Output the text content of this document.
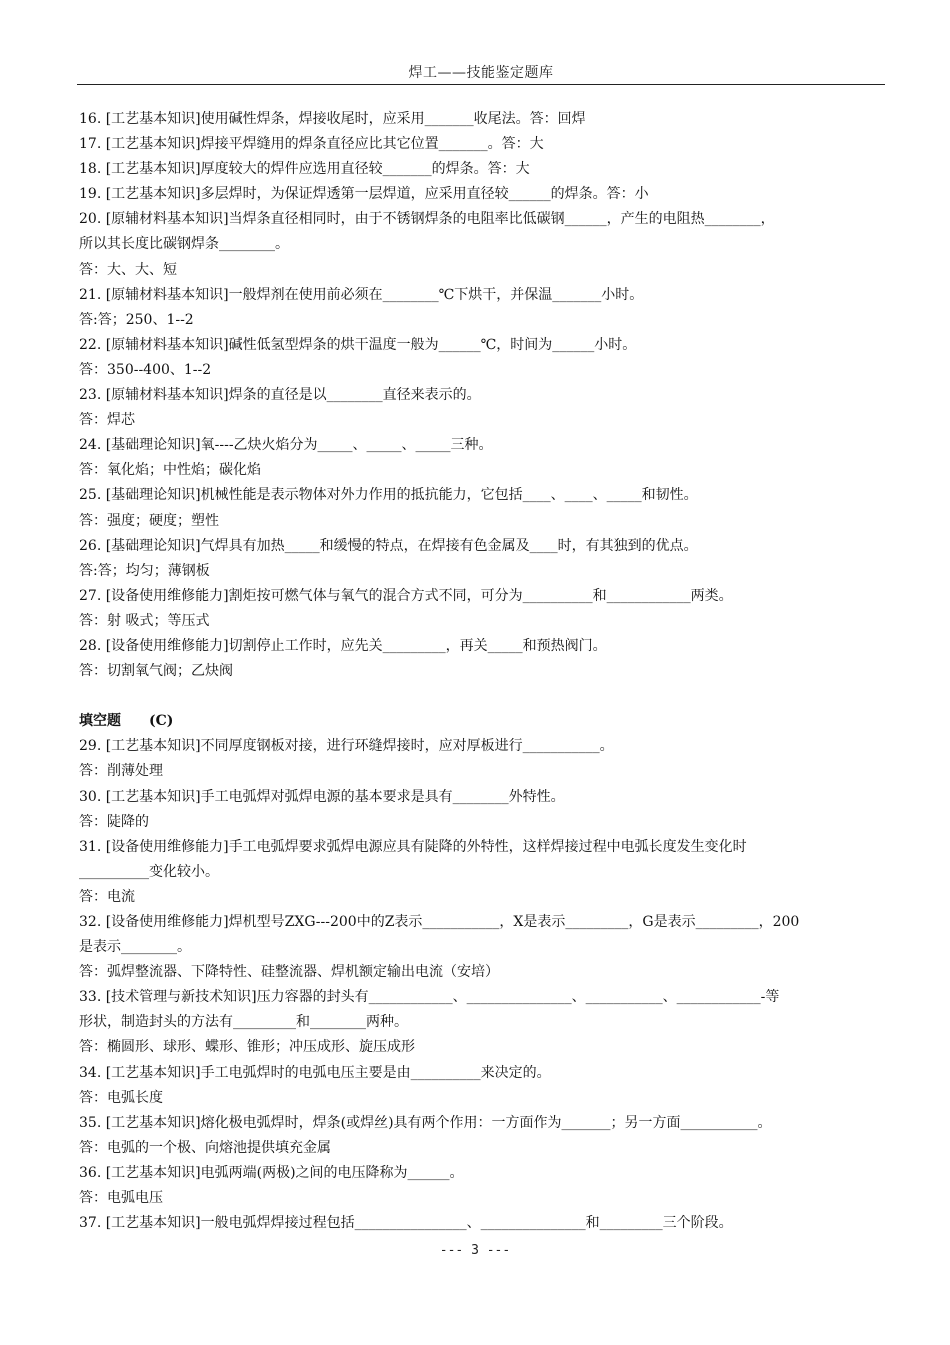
焊工——技能鉴定题库
16. [工艺基本知识]使用碱性焊条，焊接收尾时，应采用_______收尾法。答：回焊
17. [工艺基本知识]焊接平焊缝用的焊条直径应比其它位置_______。答：大
18. [工艺基本知识]厚度较大的焊件应选用直径较_______的焊条。答：大
19. [工艺基本知识]多层焊时，为保证焊透第一层焊道，应采用直径较______的焊条。答：小
20. [原辅材料基本知识]当焊条直径相同时，由于不锈钢焊条的电阻率比低碳钢______，产生的电阻热________，
所以其长度比碳钢焊条________。
答：大、大、短
21. [原辅材料基本知识]一般焊剂在使用前必须在________℃下烘干，并保温_______小时。
答:答；250、1--2
22. [原辅材料基本知识]碱性低氢型焊条的烘干温度一般为______℃，时间为______小时。
答：350--400、1--2
23. [原辅材料基本知识]焊条的直径是以________直径来表示的。
答：焊芯
24. [基础理论知识]氧----乙炔火焰分为_____、_____、_____三种。
答：氧化焰；中性焰；碳化焰
25. [基础理论知识]机械性能是表示物体对外力作用的抵抗能力，它包括____、____、_____和韧性。
答：强度；硬度；塑性
26. [基础理论知识]气焊具有加热_____和缓慢的特点，在焊接有色金属及____时，有其独到的优点。
答:答；均匀；薄钢板
27. [设备使用维修能力]割炬按可燃气体与氧气的混合方式不同，可分为__________和____________两类。
答：射 吸式；等压式
28. [设备使用维修能力]切割停止工作时，应先关_________，再关_____和预热阀门。
答：切割氧气阀；乙炔阀
填空题　　(C)
29. [工艺基本知识]不同厚度钢板对接，进行环缝焊接时，应对厚板进行___________。
答：削薄处理
30. [工艺基本知识]手工电弧焊对弧焊电源的基本要求是具有________外特性。
答：陡降的
31. [设备使用维修能力]手工电弧焊要求弧焊电源应具有陡降的外特性，这样焊接过程中电弧长度发生变化时
__________变化较小。
答：电流
32. [设备使用维修能力]焊机型号ZXG---200中的Z表示___________，X是表示_________，G是表示_________，200
是表示________。
答：弧焊整流器、下降特性、硅整流器、焊机额定输出电流（安培）
33. [技术管理与新技术知识]压力容器的封头有____________、_______________、___________、____________-等
形状，制造封头的方法有_________和________两种。
答：椭圆形、球形、蝶形、锥形；冲压成形、旋压成形
34. [工艺基本知识]手工电弧焊时的电弧电压主要是由__________来决定的。
答：电弧长度
35. [工艺基本知识]熔化极电弧焊时，焊条(或焊丝)具有两个作用：一方面作为_______；另一方面___________。
答：电弧的一个极、向熔池提供填充金属
36. [工艺基本知识]电弧两端(两极)之间的电压降称为______。
答：电弧电压
37. [工艺基本知识]一般电弧焊焊接过程包括________________、_______________和_________三个阶段。
--- 3 ---
